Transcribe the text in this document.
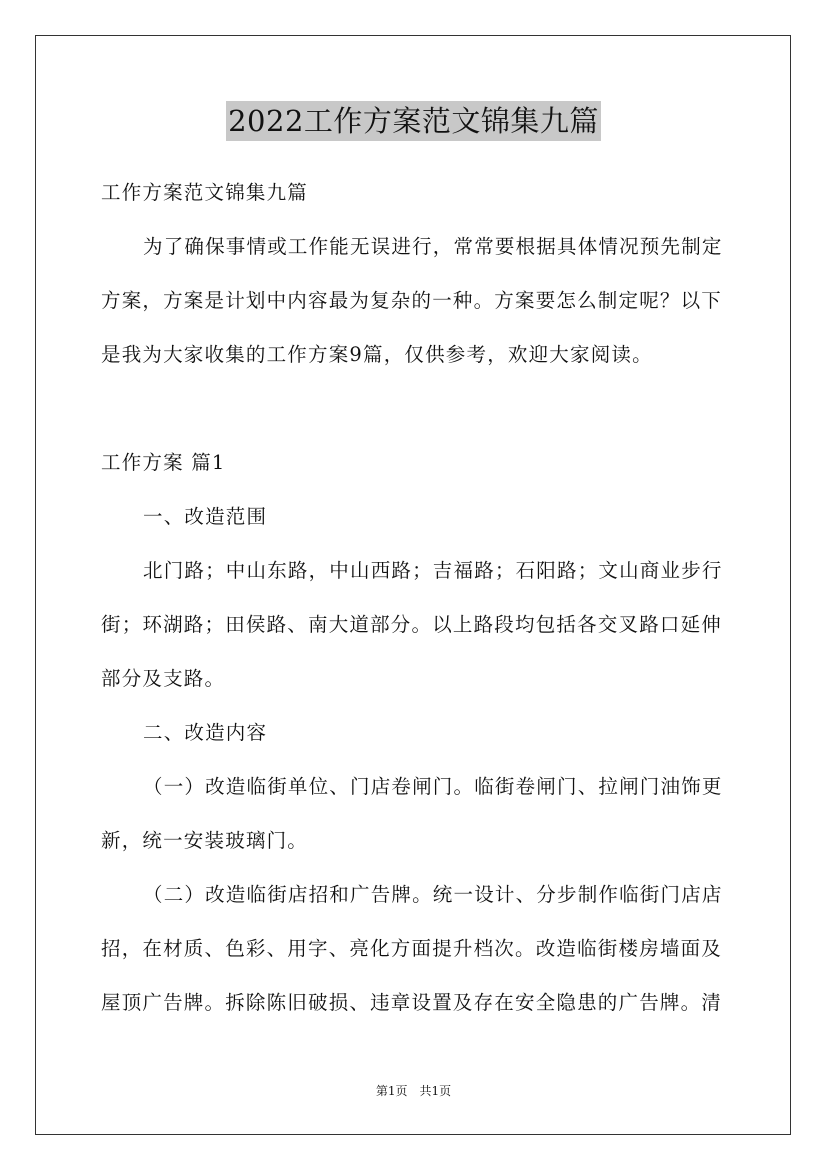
2022工作方案范文锦集九篇
工作方案范文锦集九篇
为了确保事情或工作能无误进行，常常要根据具体情况预先制定
方案，方案是计划中内容最为复杂的一种。方案要怎么制定呢？以下
是我为大家收集的工作方案9篇，仅供参考，欢迎大家阅读。
工作方案 篇1
一、改造范围
北门路；中山东路，中山西路；吉福路；石阳路；文山商业步行
街；环湖路；田侯路、南大道部分。以上路段均包括各交叉路口延伸
部分及支路。
二、改造内容
（一）改造临街单位、门店卷闸门。临街卷闸门、拉闸门油饰更
新，统一安装玻璃门。
（二）改造临街店招和广告牌。统一设计、分步制作临街门店店
招，在材质、色彩、用字、亮化方面提升档次。改造临街楼房墙面及
屋顶广告牌。拆除陈旧破损、违章设置及存在安全隐患的广告牌。清
第1页　共1页
